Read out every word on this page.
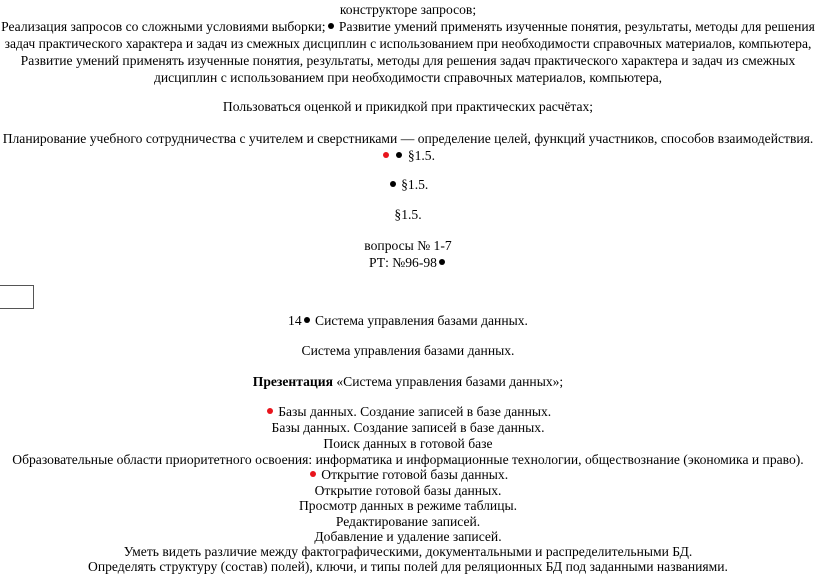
конструкторе запросов;
Реализация запросов со сложными условиями выборки; Развитие умений применять изученные понятия, результаты, методы для решения
задач практического характера и задач из смежных дисциплин с использованием при необходимости справочных материалов, компьютера,
Развитие умений применять изученные понятия, результаты, методы для решения задач практического характера и задач из смежных
дисциплин с использованием при необходимости справочных материалов, компьютера,
Пользоваться оценкой и прикидкой при практических расчётах;
Планирование учебного сотрудничества с учителем и сверстниками — определение целей, функций участников, способов взаимодействия.
§1.5.
§1.5.
§1.5.
вопросы № 1-7
РТ: №96-98
14 Система управления базами данных.
Система управления базами данных.
Презентация «Система управления базами данных»;
Базы данных. Создание записей в базе данных.
Базы данных. Создание записей в базе данных.
Поиск данных в готовой базе
Образовательные области приоритетного освоения: информатика и информационные технологии, обществознание (экономика и право).
Открытие готовой базы данных.
Открытие готовой базы данных.
Просмотр данных в режиме таблицы.
Редактирование записей.
Добавление и удаление записей.
Уметь видеть различие между фактографическими, документальными и распределительными БД.
Определять структуру (состав) полей), ключи, и типы полей для реляционных БД под заданными названиями.
